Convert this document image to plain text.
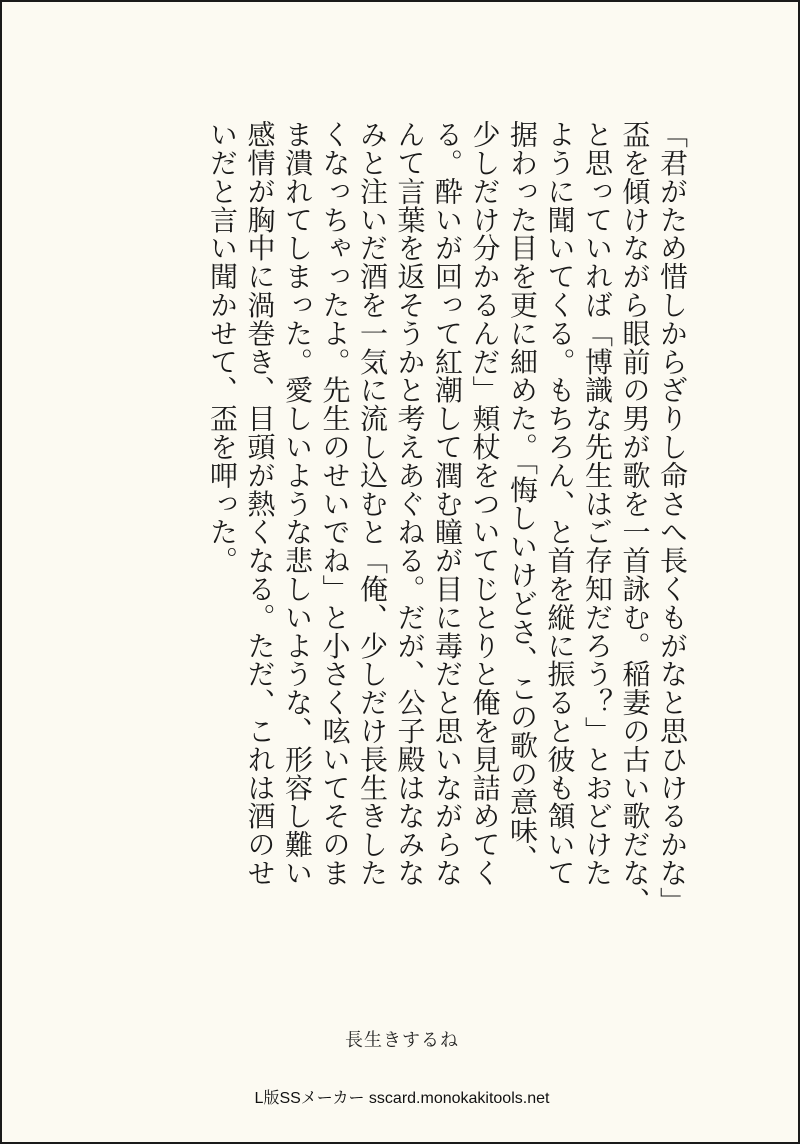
「君がため惜しからざりし命さへ長くもがなと思ひけるかな」
盃を傾けながら眼前の男が歌を一首詠む。稲妻の古い歌だな、
と思っていれば「博識な先生はご存知だろう？」とおどけた
ように聞いてくる。もちろん、と首を縦に振ると彼も頷いて
据わった目を更に細めた。「悔しいけどさ、この歌の意味、
少しだけ分かるんだ」頬杖をついてじとりと俺を見詰めてく
る。酔いが回って紅潮して潤む瞳が目に毒だと思いながらな
んて言葉を返そうかと考えあぐねる。だが、公子殿はなみな
みと注いだ酒を一気に流し込むと「俺、少しだけ長生きした
くなっちゃったよ。先生のせいでね」と小さく呟いてそのま
ま潰れてしまった。愛しいような悲しいような、形容し難い
感情が胸中に渦巻き、目頭が熱くなる。ただ、これは酒のせ
いだと言い聞かせて、盃を呷った。
長生きするね
L版SSメーカー sscard.monokakitools.net
